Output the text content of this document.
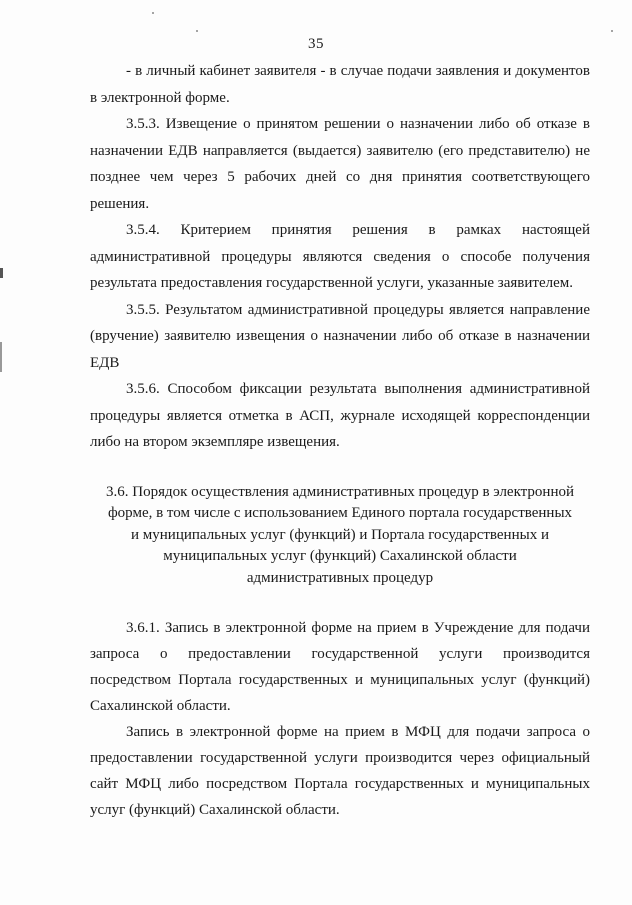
35

- в личный кабинет заявителя - в случае подачи заявления и документов в электронной форме.

3.5.3. Извещение о принятом решении о назначении либо об отказе в назначении ЕДВ направляется (выдается) заявителю (его представителю) не позднее чем через 5 рабочих дней со дня принятия соответствующего решения.

3.5.4. Критерием принятия решения в рамках настоящей административной процедуры являются сведения о способе получения результата предоставления государственной услуги, указанные заявителем.

3.5.5. Результатом административной процедуры является направление (вручение) заявителю извещения о назначении либо об отказе в назначении ЕДВ

3.5.6. Способом фиксации результата выполнения административной процедуры является отметка в АСП, журнале исходящей корреспонденции либо на втором экземпляре извещения.

3.6. Порядок осуществления административных процедур в электронной форме, в том числе с использованием Единого портала государственных и муниципальных услуг (функций) и Портала государственных и муниципальных услуг (функций) Сахалинской области административных процедур

3.6.1. Запись в электронной форме на прием в Учреждение для подачи запроса о предоставлении государственной услуги производится посредством Портала государственных и муниципальных услуг (функций) Сахалинской области.

Запись в электронной форме на прием в МФЦ для подачи запроса о предоставлении государственной услуги производится через официальный сайт МФЦ либо посредством Портала государственных и муниципальных услуг (функций) Сахалинской области.
